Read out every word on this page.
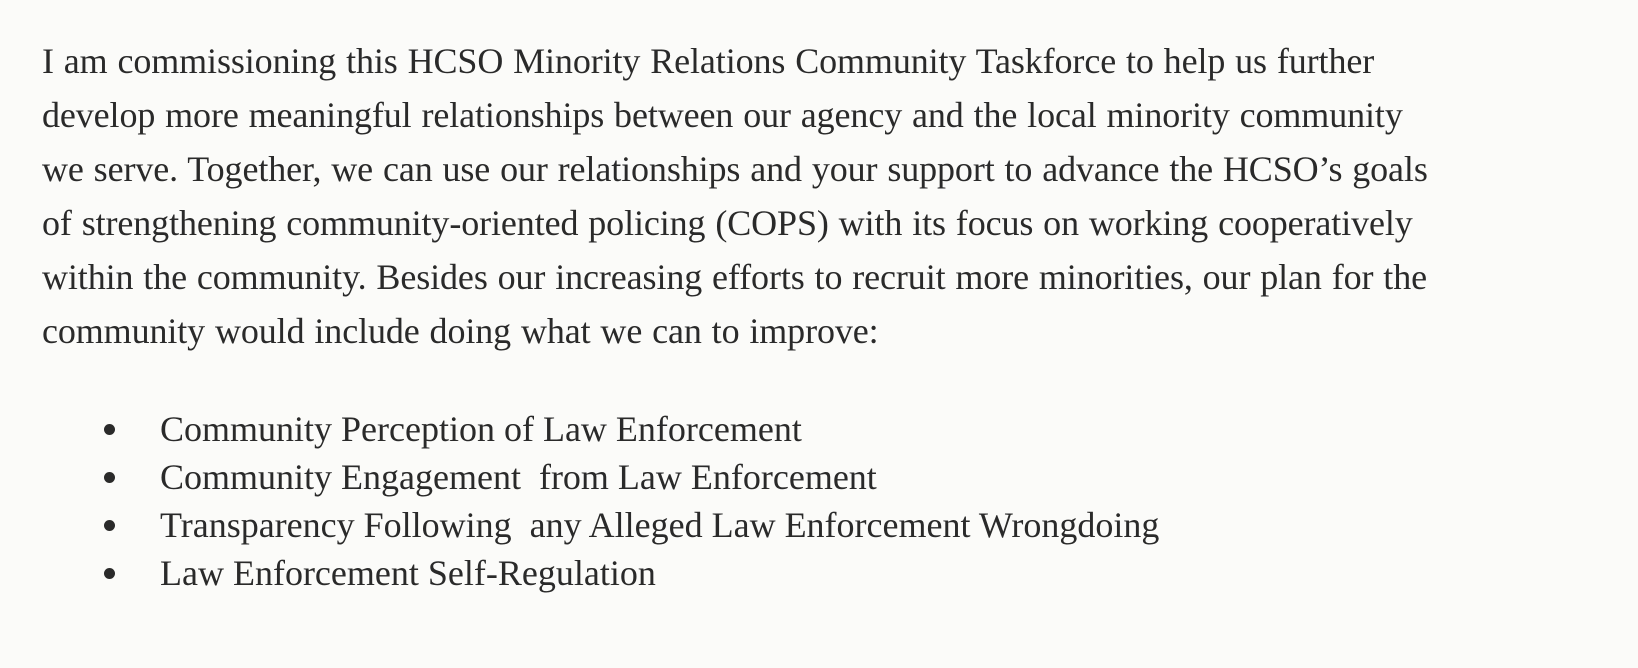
I am commissioning this HCSO Minority Relations Community Taskforce to help us further
develop more meaningful relationships between our agency and the local minority community
we serve. Together, we can use our relationships and your support to advance the HCSO’s goals
of strengthening community-oriented policing (COPS) with its focus on working cooperatively
within the community. Besides our increasing efforts to recruit more minorities, our plan for the
community would include doing what we can to improve:

Community Perception of Law Enforcement
Community Engagement  from Law Enforcement
Transparency Following  any Alleged Law Enforcement Wrongdoing
Law Enforcement Self-Regulation
